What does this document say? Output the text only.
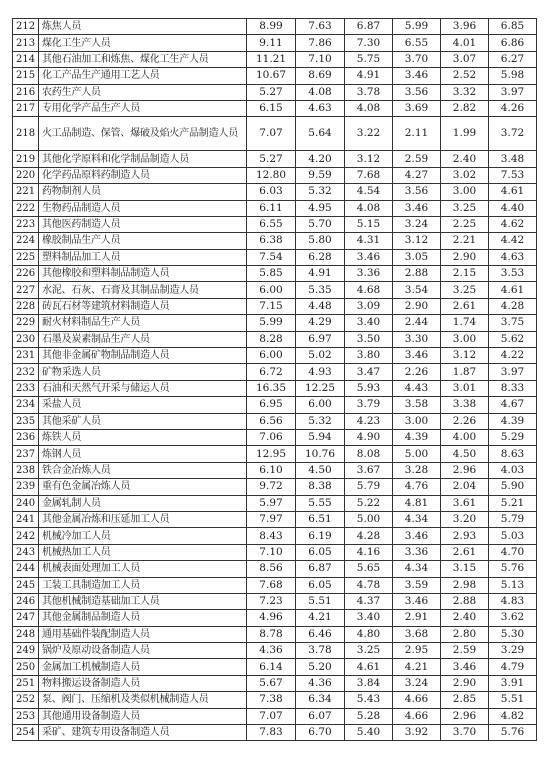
212	炼焦人员	8.99	7.63	6.87	5.99	3.96	6.85
213	煤化工生产人员	9.11	7.86	7.30	6.55	4.01	6.86
214	其他石油加工和炼焦、煤化工生产人员	11.21	7.10	5.75	3.70	3.07	6.27
215	化工产品生产通用工艺人员	10.67	8.69	4.91	3.46	2.52	5.98
216	农药生产人员	5.27	4.08	3.78	3.56	3.32	3.97
217	专用化学产品生产人员	6.15	4.63	4.08	3.69	2.82	4.26
218	火工品制造、保管、爆破及焰火产品制造人员	7.07	5.64	3.22	2.11	1.99	3.72
219	其他化学原料和化学制品制造人员	5.27	4.20	3.12	2.59	2.40	3.48
220	化学药品原料药制造人员	12.80	9.59	7.68	4.27	3.02	7.53
221	药物制剂人员	6.03	5.32	4.54	3.56	3.00	4.61
222	生物药品制造人员	6.11	4.95	4.08	3.46	3.25	4.40
223	其他医药制造人员	6.55	5.70	5.15	3.24	2.25	4.62
224	橡胶制品生产人员	6.38	5.80	4.31	3.12	2.21	4.42
225	塑料制品加工人员	7.54	6.28	3.46	3.05	2.90	4.63
226	其他橡胶和塑料制品制造人员	5.85	4.91	3.36	2.88	2.15	3.53
227	水泥、石灰、石膏及其制品制造人员	6.00	5.35	4.68	3.54	3.25	4.61
228	砖瓦石材等建筑材料制造人员	7.15	4.48	3.09	2.90	2.61	4.28
229	耐火材料制品生产人员	5.99	4.29	3.40	2.44	1.74	3.75
230	石墨及炭素制品生产人员	8.28	6.97	3.50	3.30	3.00	5.62
231	其他非金属矿物制品制造人员	6.00	5.02	3.80	3.46	3.12	4.22
232	矿物采选人员	6.72	4.93	3.47	2.26	1.87	3.97
233	石油和天然气开采与储运人员	16.35	12.25	5.93	4.43	3.01	8.33
234	采盐人员	6.95	6.00	3.79	3.58	3.38	4.67
235	其他采矿人员	6.56	5.32	4.23	3.00	2.26	4.39
236	炼铁人员	7.06	5.94	4.90	4.39	4.00	5.29
237	炼钢人员	12.95	10.76	8.08	5.00	4.50	8.63
238	铁合金冶炼人员	6.10	4.50	3.67	3.28	2.96	4.03
239	重有色金属冶炼人员	9.72	8.38	5.79	4.76	2.04	5.90
240	金属轧制人员	5.97	5.55	5.22	4.81	3.61	5.21
241	其他金属冶炼和压延加工人员	7.97	6.51	5.00	4.34	3.20	5.79
242	机械冷加工人员	8.43	6.19	4.28	3.46	2.93	5.03
243	机械热加工人员	7.10	6.05	4.16	3.36	2.61	4.70
244	机械表面处理加工人员	8.56	6.87	5.65	4.34	3.15	5.76
245	工装工具制造加工人员	7.68	6.05	4.78	3.59	2.98	5.13
246	其他机械制造基础加工人员	7.23	5.51	4.37	3.46	2.88	4.83
247	其他金属制品制造人员	4.96	4.21	3.40	2.91	2.40	3.62
248	通用基础件装配制造人员	8.78	6.46	4.80	3.68	2.80	5.30
249	锅炉及原动设备制造人员	4.36	3.78	3.25	2.95	2.59	3.29
250	金属加工机械制造人员	6.14	5.20	4.61	4.21	3.46	4.79
251	物料搬运设备制造人员	5.67	4.36	3.84	3.24	2.90	3.91
252	泵、阀门、压缩机及类似机械制造人员	7.38	6.34	5.43	4.66	2.85	5.51
253	其他通用设备制造人员	7.07	6.07	5.28	4.66	2.96	4.82
254	采矿、建筑专用设备制造人员	7.83	6.70	5.40	3.92	3.70	5.76
